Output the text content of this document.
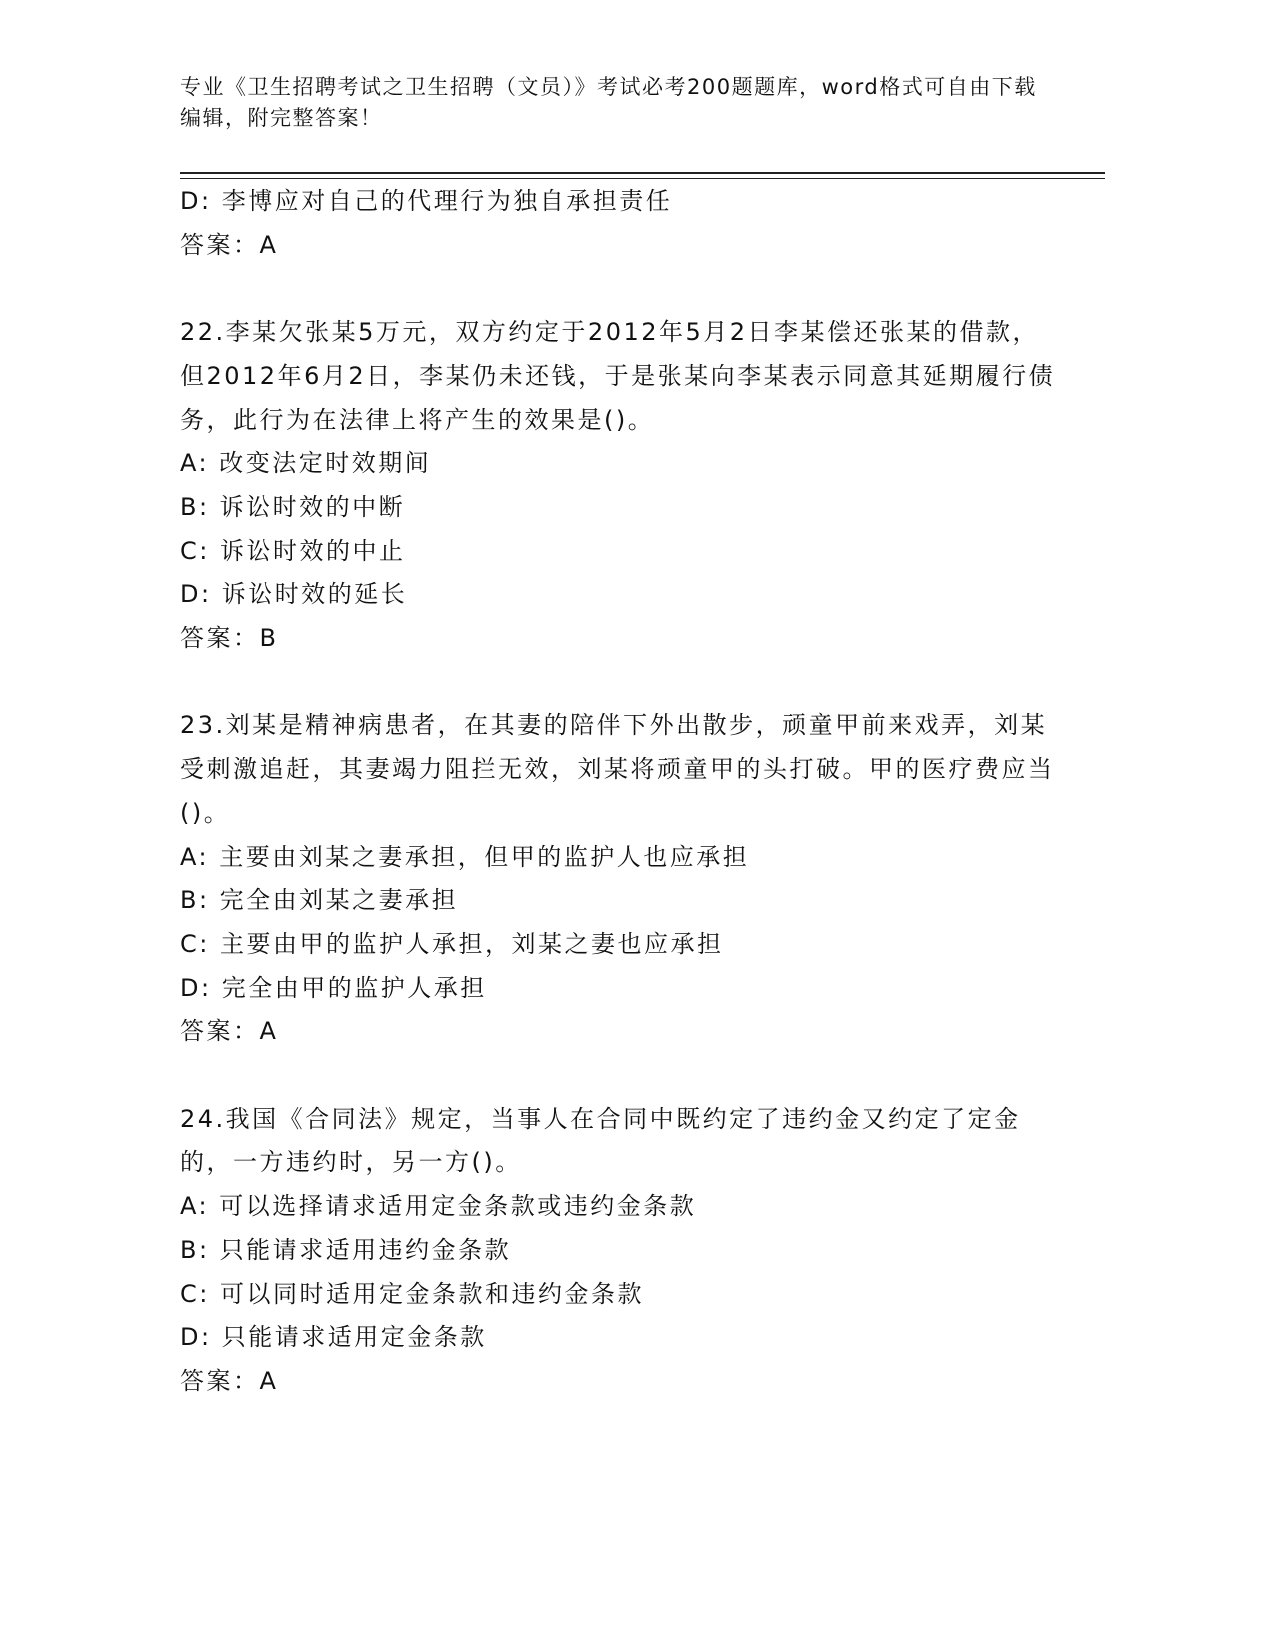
专业《卫生招聘考试之卫生招聘（文员）》考试必考200题题库，word格式可自由下载编辑，附完整答案！

D: 李博应对自己的代理行为独自承担责任

答案：A

22.李某欠张某5万元，双方约定于2012年5月2日李某偿还张某的借款，但2012年6月2日，李某仍未还钱，于是张某向李某表示同意其延期履行债务，此行为在法律上将产生的效果是()。

A: 改变法定时效期间

B: 诉讼时效的中断

C: 诉讼时效的中止

D: 诉讼时效的延长

答案：B

23.刘某是精神病患者，在其妻的陪伴下外出散步，顽童甲前来戏弄，刘某受刺激追赶，其妻竭力阻拦无效，刘某将顽童甲的头打破。甲的医疗费应当()。

A: 主要由刘某之妻承担，但甲的监护人也应承担

B: 完全由刘某之妻承担

C: 主要由甲的监护人承担，刘某之妻也应承担

D: 完全由甲的监护人承担

答案：A

24.我国《合同法》规定，当事人在合同中既约定了违约金又约定了定金的，一方违约时，另一方()。

A: 可以选择请求适用定金条款或违约金条款

B: 只能请求适用违约金条款

C: 可以同时适用定金条款和违约金条款

D: 只能请求适用定金条款

答案：A
